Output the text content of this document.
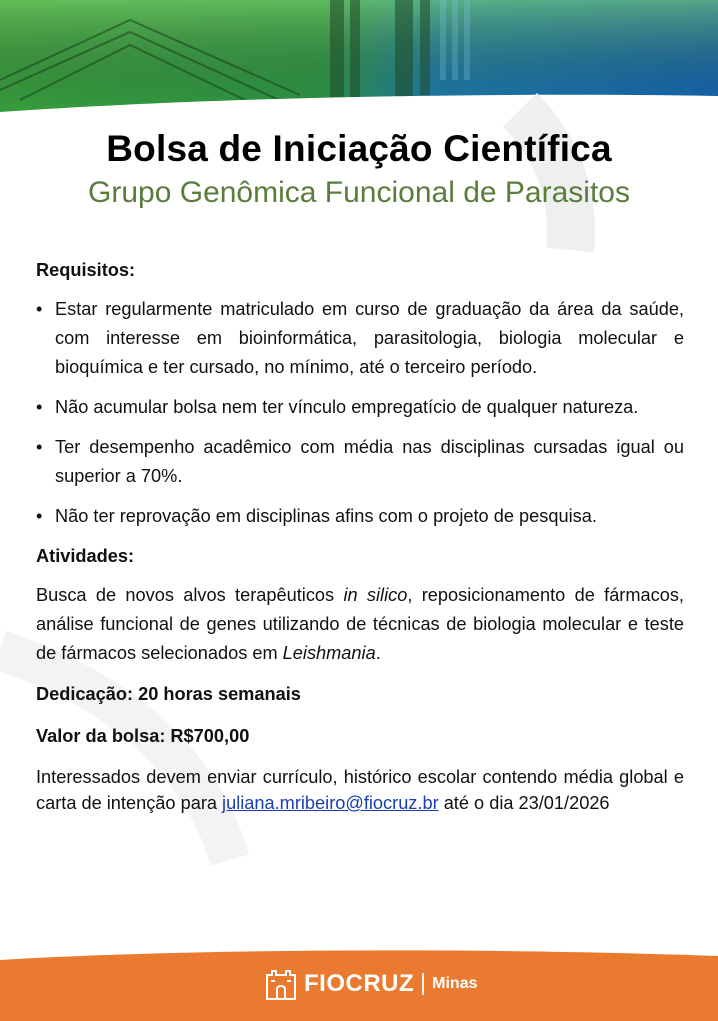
Bolsa de Iniciação Científica
Grupo Genômica Funcional de Parasitos

Requisitos:

• Estar regularmente matriculado em curso de graduação da área da saúde, com interesse em bioinformática, parasitologia, biologia molecular e bioquímica e ter cursado, no mínimo, até o terceiro período.
• Não acumular bolsa nem ter vínculo empregatício de qualquer natureza.
• Ter desempenho acadêmico com média nas disciplinas cursadas igual ou superior a 70%.
• Não ter reprovação em disciplinas afins com o projeto de pesquisa.

Atividades:

Busca de novos alvos terapêuticos in silico, reposicionamento de fármacos, análise funcional de genes utilizando de técnicas de biologia molecular e teste de fármacos selecionados em Leishmania.

Dedicação: 20 horas semanais

Valor da bolsa: R$700,00

Interessados devem enviar currículo, histórico escolar contendo média global e carta de intenção para juliana.mribeiro@fiocruz.br até o dia 23/01/2026

FIOCRUZ Minas
